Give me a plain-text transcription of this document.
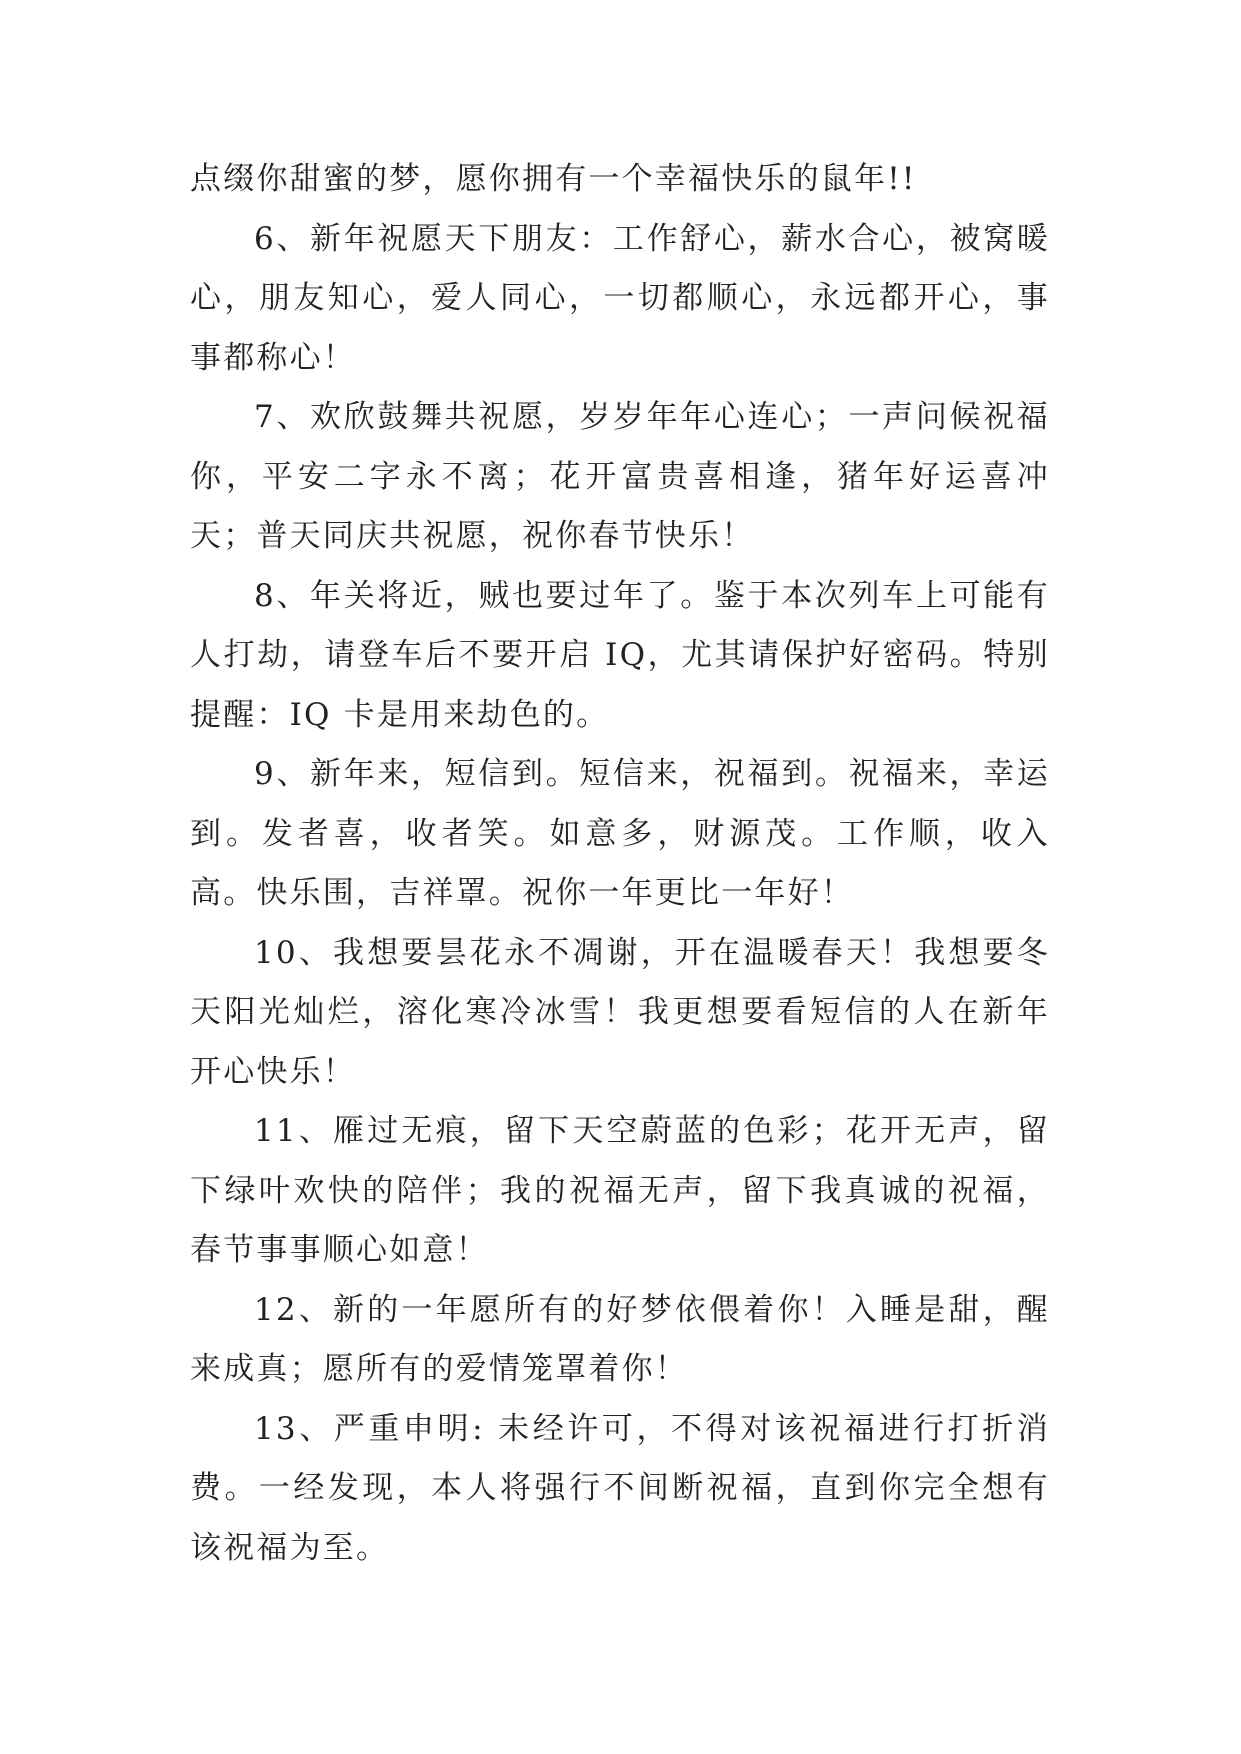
点缀你甜蜜的梦，愿你拥有一个幸福快乐的鼠年!!

6、新年祝愿天下朋友：工作舒心，薪水合心，被窝暖心，朋友知心，爱人同心，一切都顺心，永远都开心，事事都称心！

7、欢欣鼓舞共祝愿，岁岁年年心连心；一声问候祝福你，平安二字永不离；花开富贵喜相逢，猪年好运喜冲天；普天同庆共祝愿，祝你春节快乐！

8、年关将近，贼也要过年了。鉴于本次列车上可能有人打劫，请登车后不要开启 IQ，尤其请保护好密码。特别提醒：IQ 卡是用来劫色的。

9、新年来，短信到。短信来，祝福到。祝福来，幸运到。发者喜，收者笑。如意多，财源茂。工作顺，收入高。快乐围，吉祥罩。祝你一年更比一年好！

10、我想要昙花永不凋谢，开在温暖春天！我想要冬天阳光灿烂，溶化寒冷冰雪！我更想要看短信的人在新年开心快乐！

11、雁过无痕，留下天空蔚蓝的色彩；花开无声，留下绿叶欢快的陪伴；我的祝福无声，留下我真诚的祝福，春节事事顺心如意！

12、新的一年愿所有的好梦依偎着你！入睡是甜，醒来成真；愿所有的爱情笼罩着你！

13、严重申明: 未经许可，不得对该祝福进行打折消费。一经发现，本人将强行不间断祝福，直到你完全想有该祝福为至。
